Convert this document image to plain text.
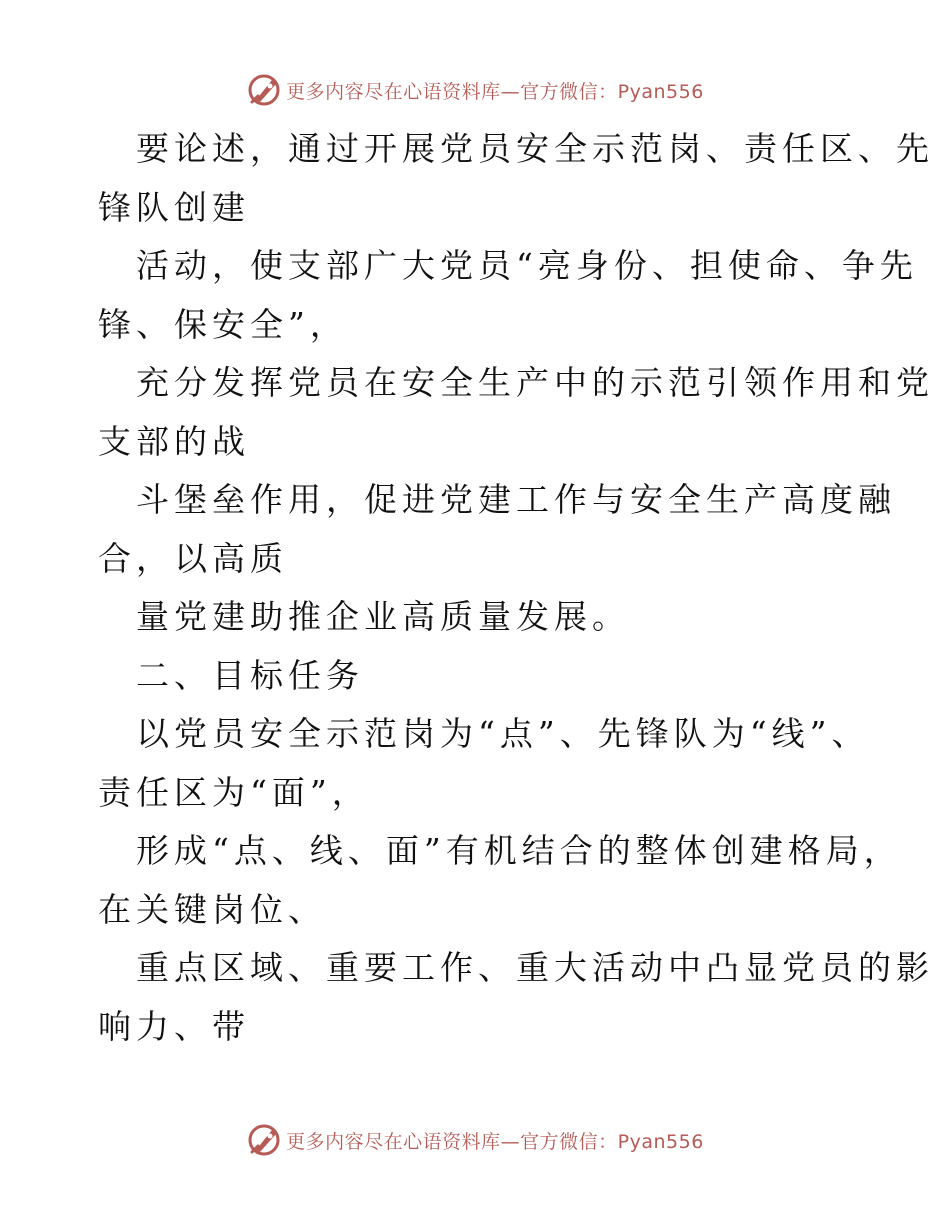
更多内容尽在心语资料库—官方微信：Pyan556
要论述，通过开展党员安全示范岗、责任区、先
锋队创建
活动，使支部广大党员“亮身份、担使命、争先
锋、保安全”，
充分发挥党员在安全生产中的示范引领作用和党
支部的战
斗堡垒作用，促进党建工作与安全生产高度融
合，以高质
量党建助推企业高质量发展。
二、目标任务
以党员安全示范岗为“点”、先锋队为“线”、
责任区为“面”，
形成“点、线、面”有机结合的整体创建格局，
在关键岗位、
重点区域、重要工作、重大活动中凸显党员的影
响力、带
更多内容尽在心语资料库—官方微信：Pyan556
